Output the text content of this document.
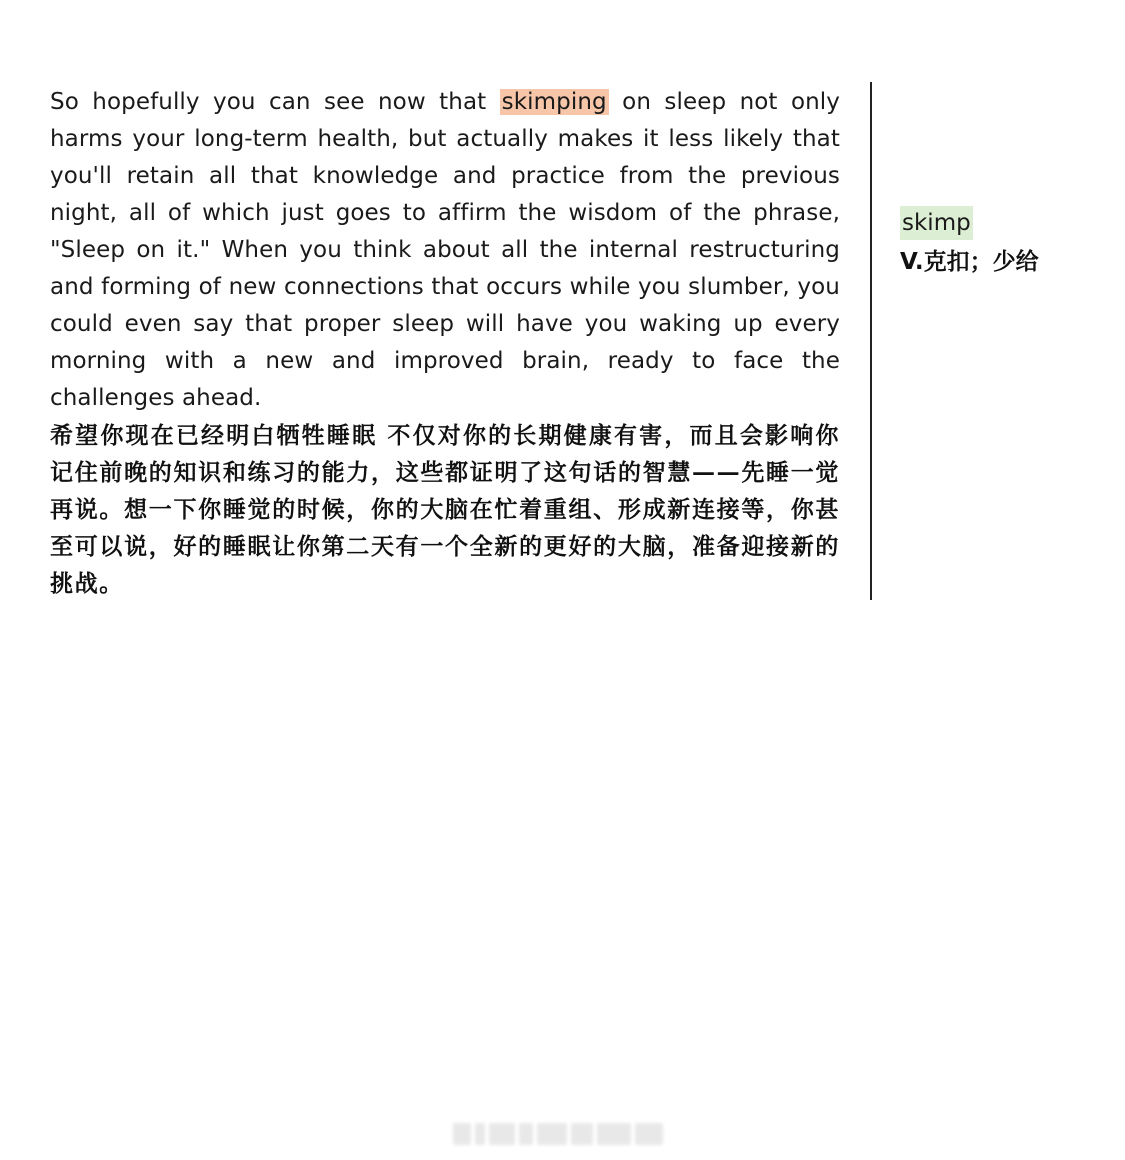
So hopefully you can see now that skimping on sleep not only harms your long-term health, but actually makes it less likely that you'll retain all that knowledge and practice from the previous night, all of which just goes to affirm the wisdom of the phrase, "Sleep on it." When you think about all the internal restructuring and forming of new connections that occurs while you slumber, you could even say that proper sleep will have you waking up every morning with a new and improved brain, ready to face the challenges ahead.

希望你现在已经明白牺牲睡眠 不仅对你的长期健康有害，而且会影响你记住前晚的知识和练习的能力，这些都证明了这句话的智慧——先睡一觉再说。想一下你睡觉的时候，你的大脑在忙着重组、形成新连接等，你甚至可以说，好的睡眠让你第二天有一个全新的更好的大脑，准备迎接新的挑战。

skimp
V.克扣；少给
